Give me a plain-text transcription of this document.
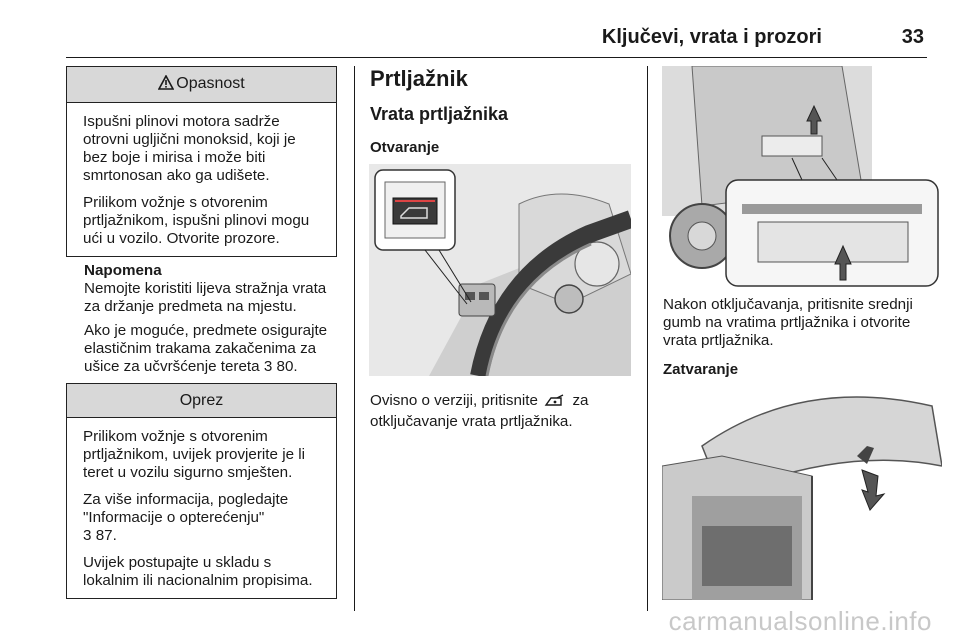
Ključevi, vrata i prozori	33
Opasnost

Ispušni plinovi motora sadrže otrovni ugljični monoksid, koji je bez boje i mirisa i može biti smrtonosan ako ga udišete.

Prilikom vožnje s otvorenim prtljažnikom, ispušni plinovi mogu ući u vozilo. Otvorite prozore.

Napomena

Nemojte koristiti lijeva stražnja vrata za držanje predmeta na mjestu.

Ako je moguće, predmete osigurajte elastičnim trakama zakačenima za ušice za učvršćenje tereta 3 80.

Oprez

Prilikom vožnje s otvorenim prtljažnikom, uvijek provjerite je li teret u vozilu sigurno smješten.

Za više informacija, pogledajte "Informacije o opterećenju"
3 87.

Uvijek postupajte u skladu s lokalnim ili nacionalnim propisima.

Prtljažnik
Vrata prtljažnika
Otvaranje
Ovisno o verziji, pritisnite za otključavanje vrata prtljažnika.
Nakon otključavanja, pritisnite srednji gumb na vratima prtljažnika i otvorite vrata prtljažnika.
Zatvaranje
carmanualsonline.info
